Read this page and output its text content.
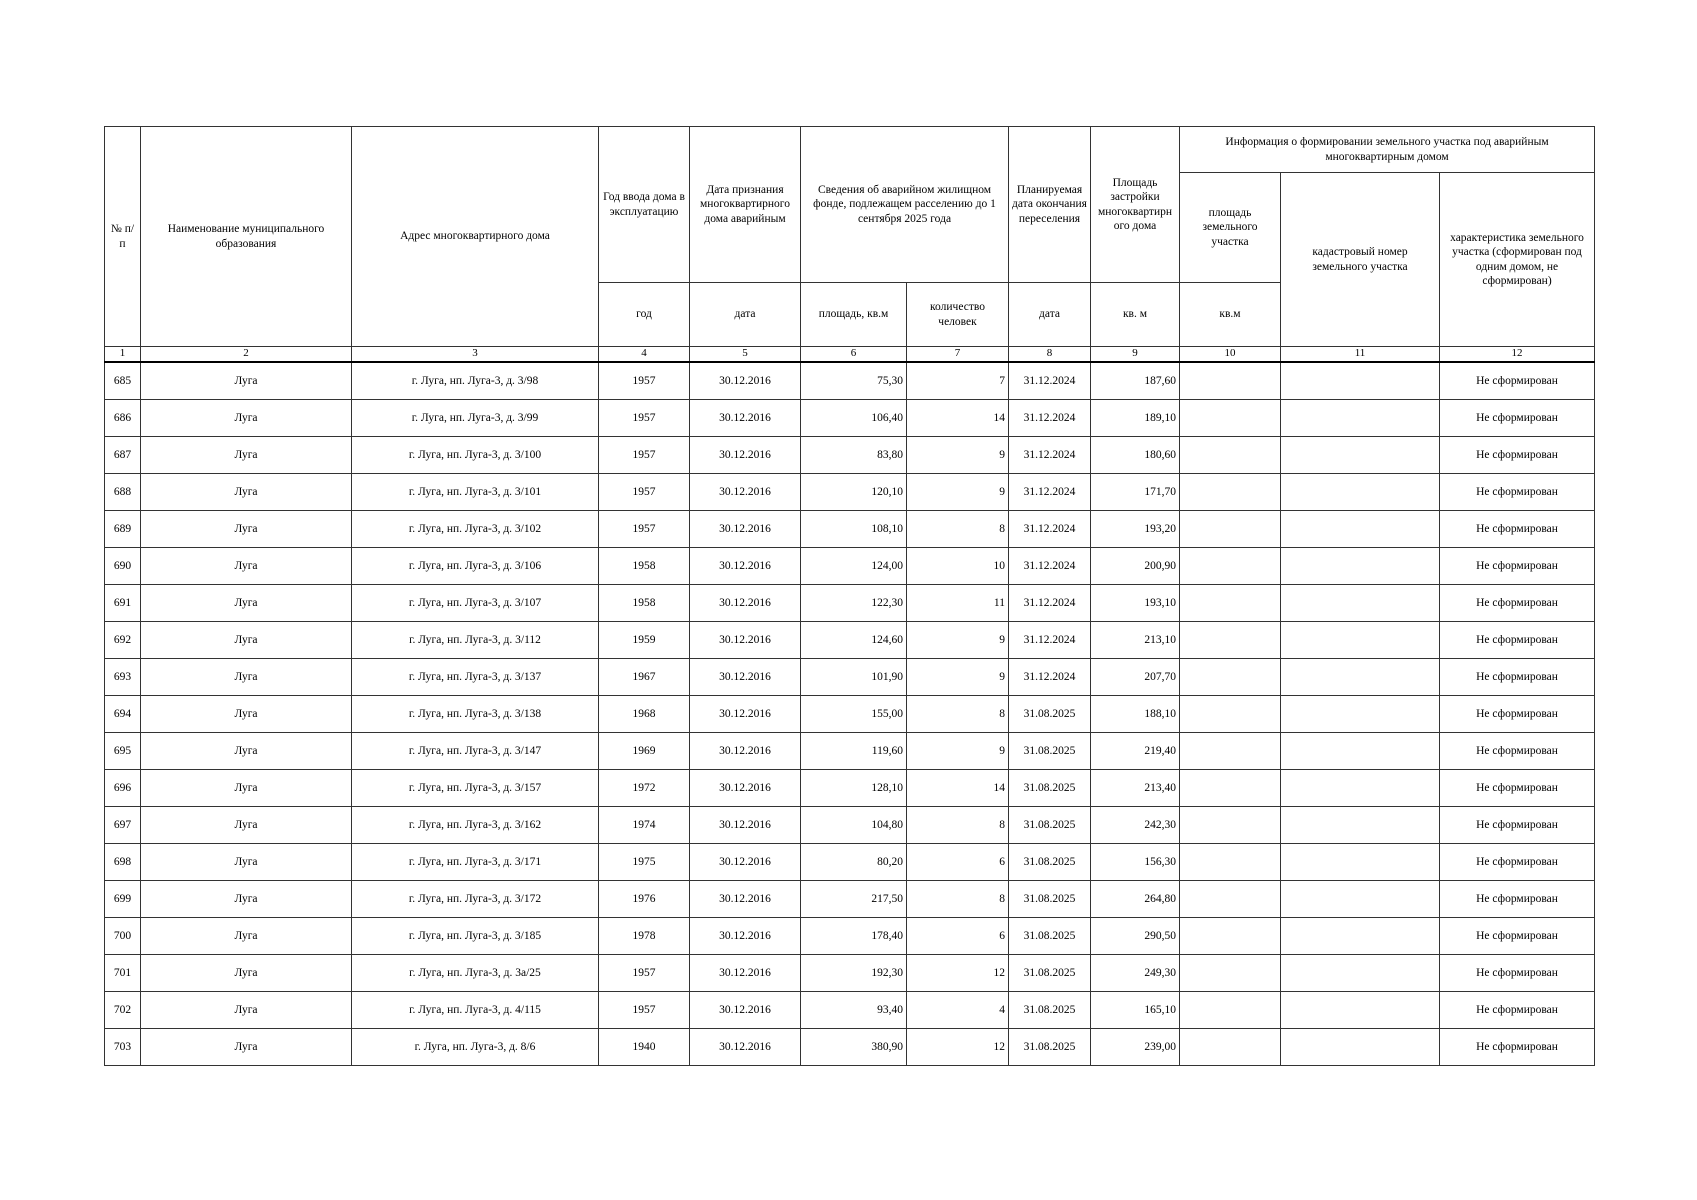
№ п/п	Наименование муниципального образования	Адрес многоквартирного дома	Год ввода дома в эксплуатацию	Дата признания многоквартирного дома аварийным	Сведения об аварийном жилищном фонде, подлежащем расселению до 1 сентября 2025 года		Планируемая дата окончания переселения	Площадь застройки многоквартирн ого дома	Информация о формировании земельного участка под аварийным многоквартирным домом		
									площадь земельного участка	кадастровый номер земельного участка	характеристика земельного участка (сформирован под одним домом, не сформирован)
			год	дата	площадь, кв.м	количество человек	дата	кв. м	кв.м		
1	2	3	4	5	6	7	8	9	10	11	12
685	Луга	г. Луга, нп. Луга-3, д. 3/98	1957	30.12.2016	75,30	7	31.12.2024	187,60			Не сформирован
686	Луга	г. Луга, нп. Луга-3, д. 3/99	1957	30.12.2016	106,40	14	31.12.2024	189,10			Не сформирован
687	Луга	г. Луга, нп. Луга-3, д. 3/100	1957	30.12.2016	83,80	9	31.12.2024	180,60			Не сформирован
688	Луга	г. Луга, нп. Луга-3, д. 3/101	1957	30.12.2016	120,10	9	31.12.2024	171,70			Не сформирован
689	Луга	г. Луга, нп. Луга-3, д. 3/102	1957	30.12.2016	108,10	8	31.12.2024	193,20			Не сформирован
690	Луга	г. Луга, нп. Луга-3, д. 3/106	1958	30.12.2016	124,00	10	31.12.2024	200,90			Не сформирован
691	Луга	г. Луга, нп. Луга-3, д. 3/107	1958	30.12.2016	122,30	11	31.12.2024	193,10			Не сформирован
692	Луга	г. Луга, нп. Луга-3, д. 3/112	1959	30.12.2016	124,60	9	31.12.2024	213,10			Не сформирован
693	Луга	г. Луга, нп. Луга-3, д. 3/137	1967	30.12.2016	101,90	9	31.12.2024	207,70			Не сформирован
694	Луга	г. Луга, нп. Луга-3, д. 3/138	1968	30.12.2016	155,00	8	31.08.2025	188,10			Не сформирован
695	Луга	г. Луга, нп. Луга-3, д. 3/147	1969	30.12.2016	119,60	9	31.08.2025	219,40			Не сформирован
696	Луга	г. Луга, нп. Луга-3, д. 3/157	1972	30.12.2016	128,10	14	31.08.2025	213,40			Не сформирован
697	Луга	г. Луга, нп. Луга-3, д. 3/162	1974	30.12.2016	104,80	8	31.08.2025	242,30			Не сформирован
698	Луга	г. Луга, нп. Луга-3, д. 3/171	1975	30.12.2016	80,20	6	31.08.2025	156,30			Не сформирован
699	Луга	г. Луга, нп. Луга-3, д. 3/172	1976	30.12.2016	217,50	8	31.08.2025	264,80			Не сформирован
700	Луга	г. Луга, нп. Луга-3, д. 3/185	1978	30.12.2016	178,40	6	31.08.2025	290,50			Не сформирован
701	Луга	г. Луга, нп. Луга-3, д. 3а/25	1957	30.12.2016	192,30	12	31.08.2025	249,30			Не сформирован
702	Луга	г. Луга, нп. Луга-3, д. 4/115	1957	30.12.2016	93,40	4	31.08.2025	165,10			Не сформирован
703	Луга	г. Луга, нп. Луга-3, д. 8/6	1940	30.12.2016	380,90	12	31.08.2025	239,00			Не сформирован
